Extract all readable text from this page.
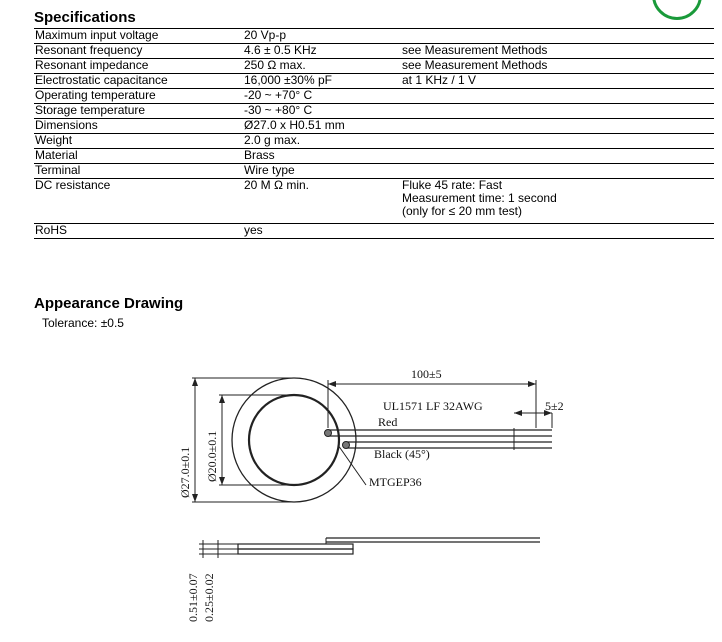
Specifications
Maximum input voltage	20 Vp-p	
Resonant frequency	4.6 ± 0.5 KHz	see Measurement Methods
Resonant impedance	250 Ω max.	see Measurement Methods
Electrostatic capacitance	16,000 ±30% pF	at 1 KHz / 1 V
Operating temperature	-20 ~ +70° C	
Storage temperature	-30 ~ +80° C	
Dimensions	Ø27.0 x H0.51 mm	
Weight	2.0 g max.	
Material	Brass	
Terminal	Wire type	
DC resistance	20 M Ω min.	Fluke 45 rate: Fast
Measurement time: 1 second
(only for ≤ 20 mm test)

RoHS	yes	
Appearance Drawing
Tolerance: ±0.5
100±5
5±2
UL1571 LF 32AWG
Red
Black (45°)
MTGEP36
Ø27.0±0.1 Ø20.0±0.1
0.51±0.07 0.25±0.02
